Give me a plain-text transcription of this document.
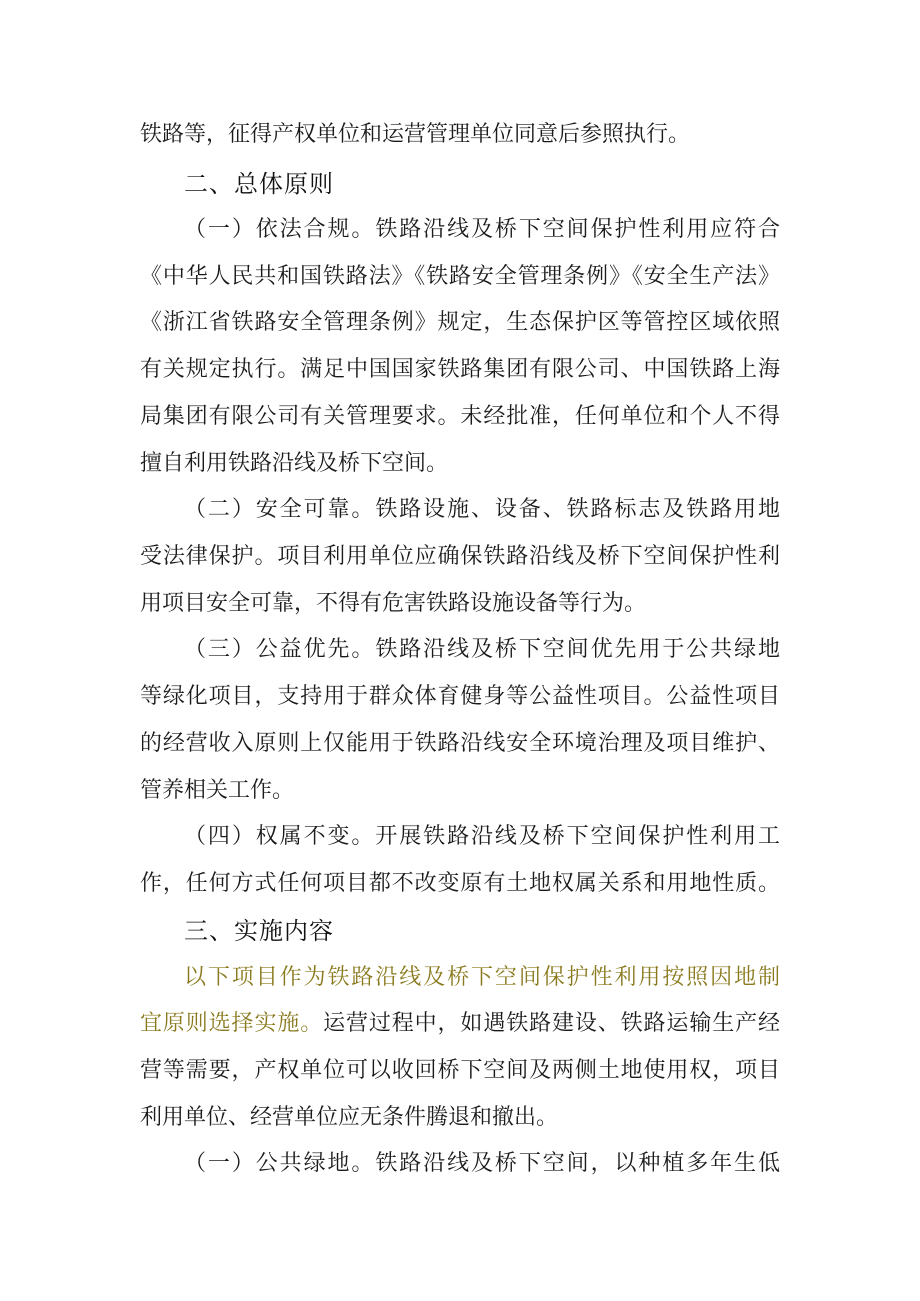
铁路等，征得产权单位和运营管理单位同意后参照执行。
二、总体原则
（一）依法合规。铁路沿线及桥下空间保护性利用应符合
《中华人民共和国铁路法》《铁路安全管理条例》《安全生产法》
《浙江省铁路安全管理条例》规定，生态保护区等管控区域依照
有关规定执行。满足中国国家铁路集团有限公司、中国铁路上海
局集团有限公司有关管理要求。未经批准，任何单位和个人不得
擅自利用铁路沿线及桥下空间。
（二）安全可靠。铁路设施、设备、铁路标志及铁路用地
受法律保护。项目利用单位应确保铁路沿线及桥下空间保护性利
用项目安全可靠，不得有危害铁路设施设备等行为。
（三）公益优先。铁路沿线及桥下空间优先用于公共绿地
等绿化项目，支持用于群众体育健身等公益性项目。公益性项目
的经营收入原则上仅能用于铁路沿线安全环境治理及项目维护、
管养相关工作。
（四）权属不变。开展铁路沿线及桥下空间保护性利用工
作，任何方式任何项目都不改变原有土地权属关系和用地性质。
三、实施内容
以下项目作为铁路沿线及桥下空间保护性利用按照因地制
宜原则选择实施。运营过程中，如遇铁路建设、铁路运输生产经
营等需要，产权单位可以收回桥下空间及两侧土地使用权，项目
利用单位、经营单位应无条件腾退和撤出。
（一）公共绿地。铁路沿线及桥下空间，以种植多年生低
